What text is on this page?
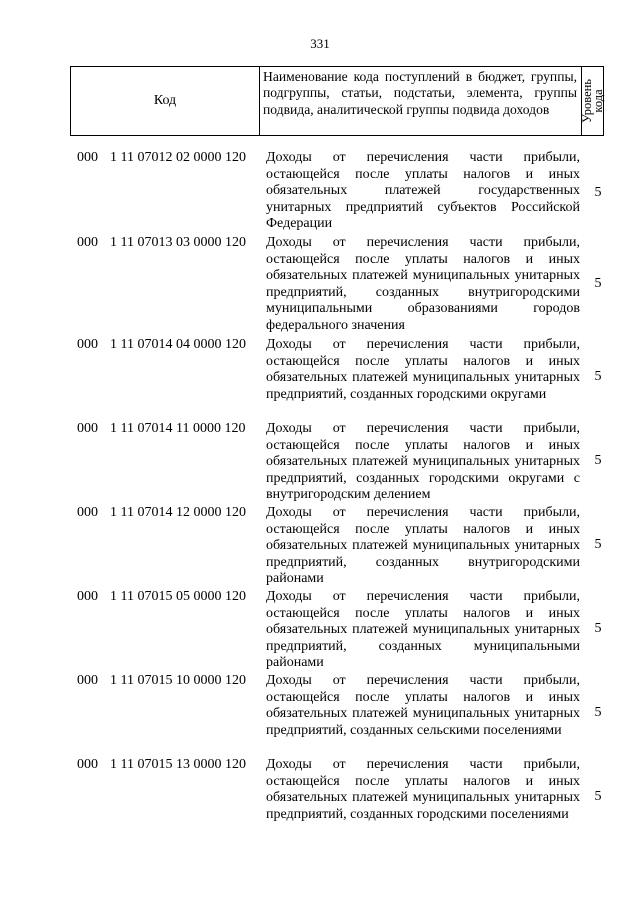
331
Код
Наименование кода поступлений в бюджет, группы, подгруппы, статьи, подстатьи, элемента, группы подвида, аналитической группы подвида доходов	Уровень
кода
000 1 11 07012 02 0000 120 Доходы от перечисления части прибыли, остающейся после уплаты налогов и иных обязательных платежей государственных унитарных предприятий субъектов Российской Федерации
5
000 1 11 07013 03 0000 120 Доходы от перечисления части прибыли, остающейся после уплаты налогов и иных обязательных платежей муниципальных унитарных предприятий, созданных внутригородскими муниципальными образованиями городов федерального значения
5
000 1 11 07014 04 0000 120 Доходы от перечисления части прибыли, остающейся после уплаты налогов и иных обязательных платежей муниципальных унитарных предприятий, созданных городскими округами
5
000 1 11 07014 11 0000 120 Доходы от перечисления части прибыли, остающейся после уплаты налогов и иных обязательных платежей муниципальных унитарных предприятий, созданных городскими округами с внутригородским делением
5
000 1 11 07014 12 0000 120 Доходы от перечисления части прибыли, остающейся после уплаты налогов и иных обязательных платежей муниципальных унитарных предприятий, созданных внутригородскими районами
5
000 1 11 07015 05 0000 120 Доходы от перечисления части прибыли, остающейся после уплаты налогов и иных обязательных платежей муниципальных унитарных предприятий, созданных муниципальными районами
5
000 1 11 07015 10 0000 120 Доходы от перечисления части прибыли, остающейся после уплаты налогов и иных обязательных платежей муниципальных унитарных предприятий, созданных сельскими поселениями
5
000 1 11 07015 13 0000 120 Доходы от перечисления части прибыли, остающейся после уплаты налогов и иных обязательных платежей муниципальных унитарных предприятий, созданных городскими поселениями
5
